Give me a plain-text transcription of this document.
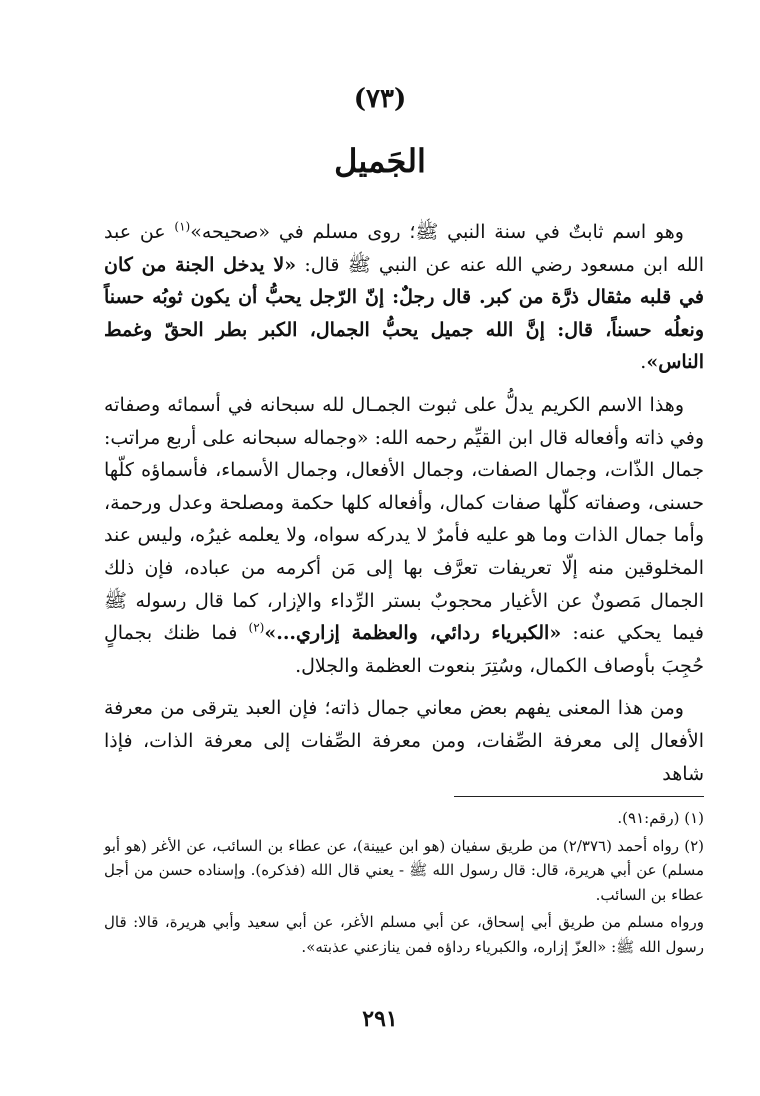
(٧٣)
الجَميل

وهو اسم ثابتٌ في سنة النبي ﷺ؛ روى مسلم في «صحيحه»$^{(١)}$ عن عبد الله ابن مسعود رضي الله عنه عن النبي ﷺ قال: «لا يدخل الجنة من كان في قلبه مثقال ذرَّة من كبر. قال رجلٌ: إنّ الرّجل يحبُّ أن يكون ثوبُه حسناً ونعلُه حسناً، قال: إنَّ الله جميل يحبُّ الجمال، الكبر بطر الحقّ وغمط الناس».

وهذا الاسم الكريم يدلُّ على ثبوت الجمـال لله سبحانه في أسمائه وصفاته وفي ذاته وأفعاله قال ابن القيِّم رحمه الله: «وجماله سبحانه على أربع مراتب: جمال الذّات، وجمال الصفات، وجمال الأفعال، وجمال الأسماء، فأسماؤه كلّها حسنى، وصفاته كلّها صفات كمال، وأفعاله كلها حكمة ومصلحة وعدل ورحمة، وأما جمال الذات وما هو عليه فأمرٌ لا يدركه سواه، ولا يعلمه غيرُه، وليس عند المخلوقين منه إلّا تعريفات تعرَّف بها إلى مَن أكرمه من عباده، فإن ذلك الجمال مَصونٌ عن الأغيار محجوبٌ بستر الرِّداء والإزار، كما قال رسوله ﷺ فيما يحكي عنه: «الكبرياء ردائي، والعظمة إزاري...»$^{(٢)}$ فما ظنك بجمالٍ حُجِبَ بأوصاف الكمال، وسُتِرَ بنعوت العظمة والجلال.

ومن هذا المعنى يفهم بعض معاني جمال ذاته؛ فإن العبد يترقى من معرفة الأفعال إلى معرفة الصِّفات، ومن معرفة الصِّفات إلى معرفة الذات، فإذا شاهد

(١) (رقم:٩١).

(٢) رواه أحمد (٢/٣٧٦) من طريق سفيان (هو ابن عيينة)، عن عطاء بن السائب، عن الأغر (هو أبو مسلم) عن أبي هريرة، قال: قال رسول الله ﷺ - يعني قال الله (فذكره). وإسناده حسن من أجل عطاء بن السائب.

ورواه مسلم من طريق أبي إسحاق، عن أبي مسلم الأغر، عن أبي سعيد وأبي هريرة، قالا: قال رسول الله ﷺ: «العزّ إزاره، والكبرياء رداؤه فمن ينازعني عذبته».

٢٩١
